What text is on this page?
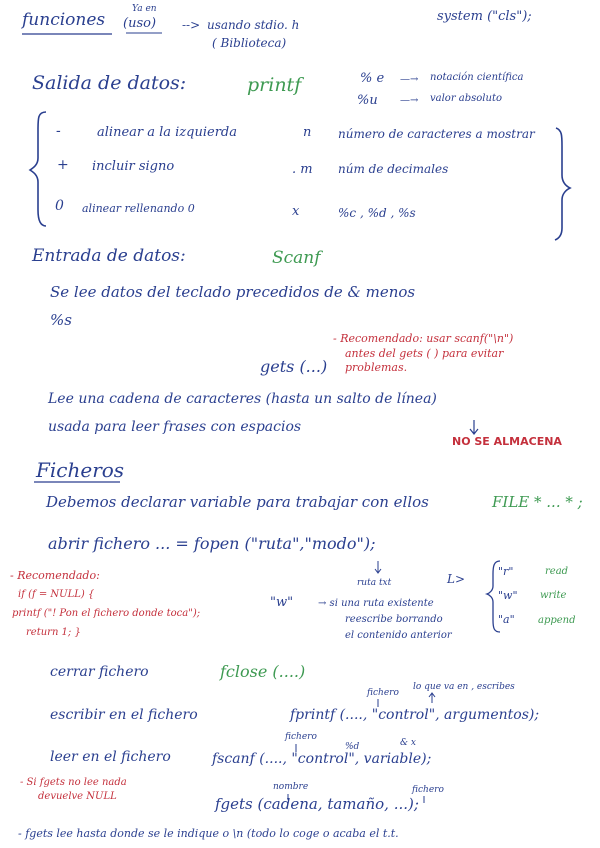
funciones
Ya en
(uso) --> usando stdio. h
( Biblioteca)
system ("cls");
Salida de datos:	printf	% e —→ notación científica
%u —→ valor absoluto
-	alinear a la izquierda	n número de caracteres a mostrar
+ incluir signo	. m núm de decimales
0 alinear rellenando 0	x	%c , %d , %s
Entrada de datos:	Scanf
Se lee datos del teclado precedidos de & menos
%s
- Recomendado: usar scanf("\n")
antes del gets ( ) para evitar
problemas.
gets (...)
Lee una cadena de caracteres (hasta un salto de línea)
usada para leer frases con espacios
NO SE ALMACENA
Ficheros
Debemos declarar variable para trabajar con ellos	FILE * ... * ;
abrir fichero ... = fopen ("ruta","modo");
ruta txt	L>
"r"	read
"w" write
"a" append
- Recomendado:
if (f = NULL) {
printf ("! Pon el fichero donde toca");
return 1; }
"w" → si una ruta existente
reescribe borrando
el contenido anterior
cerrar fichero	fclose (....)
fichero
lo que va en , escribes
escribir en el fichero	fprintf (...., "control", argumentos);
fichero
%d	& x
leer en el fichero	fscanf (...., "control", variable);
- Si fgets no lee nada
devuelve NULL
nombre	fichero
fgets (cadena, tamaño, ...);
- fgets lee hasta donde se le indique o \n (todo lo coge o acaba el t.t.
